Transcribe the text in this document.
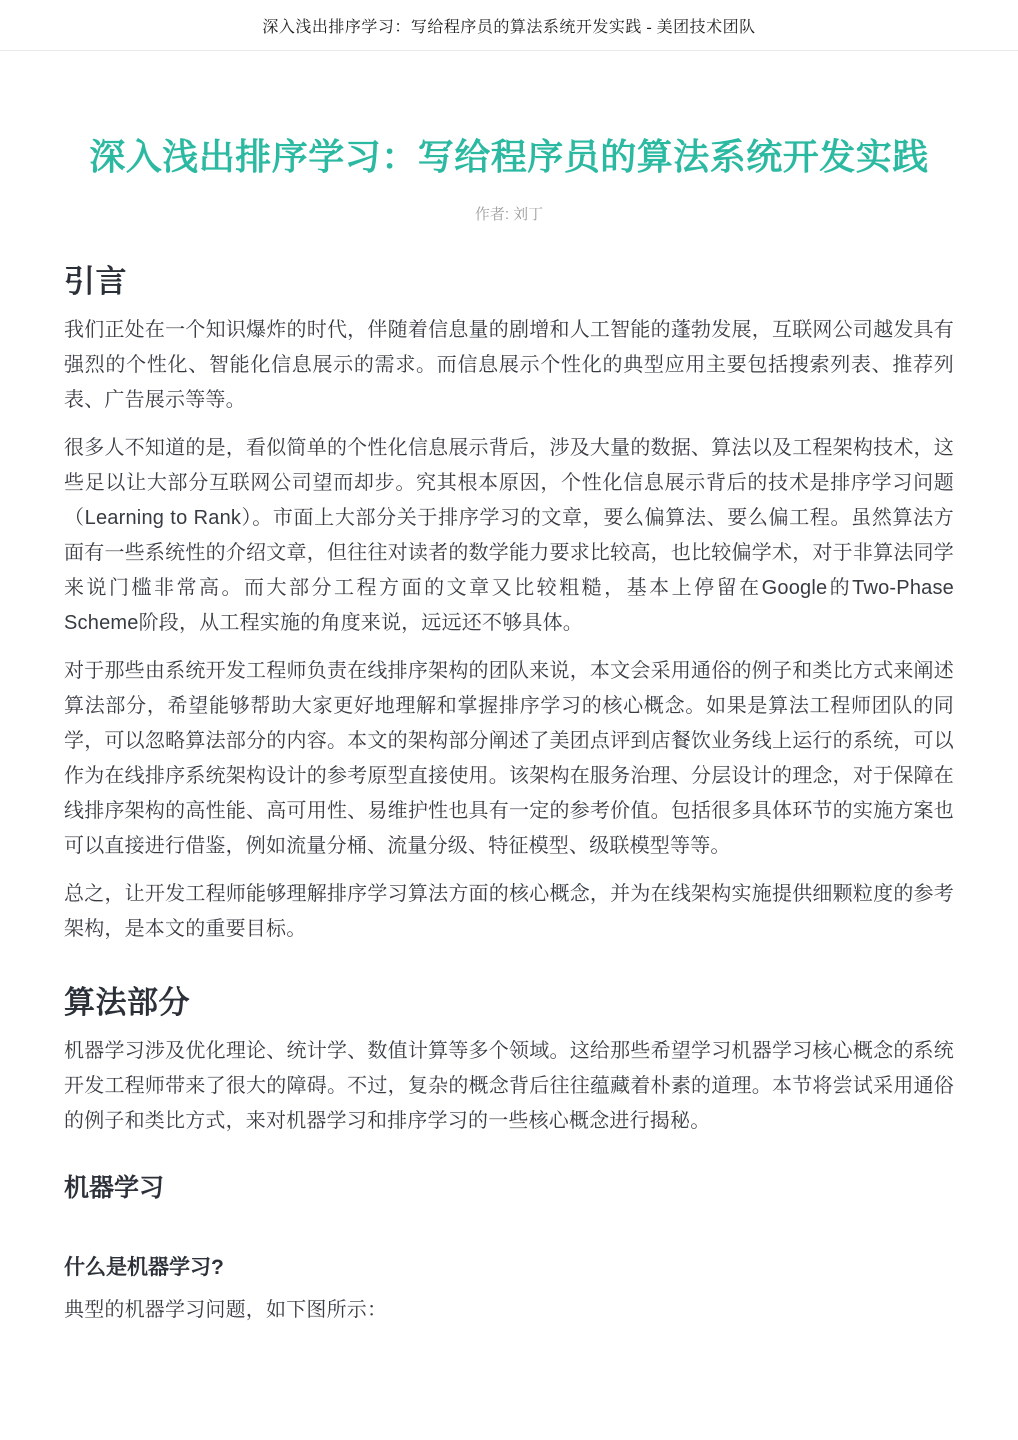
深入浅出排序学习：写给程序员的算法系统开发实践 - 美团技术团队
深入浅出排序学习：写给程序员的算法系统开发实践

作者: 刘丁

引言

我们正处在一个知识爆炸的时代，伴随着信息量的剧增和人工智能的蓬勃发展，互联网公司越发具有强烈的个性化、智能化信息展示的需求。而信息展示个性化的典型应用主要包括搜索列表、推荐列表、广告展示等等。

很多人不知道的是，看似简单的个性化信息展示背后，涉及大量的数据、算法以及工程架构技术，这些足以让大部分互联网公司望而却步。究其根本原因，个性化信息展示背后的技术是排序学习问题（Learning to Rank）。市面上大部分关于排序学习的文章，要么偏算法、要么偏工程。虽然算法方面有一些系统性的介绍文章，但往往对读者的数学能力要求比较高，也比较偏学术，对于非算法同学来说门槛非常高。而大部分工程方面的文章又比较粗糙，基本上停留在Google的Two-Phase Scheme阶段，从工程实施的角度来说，远远还不够具体。

对于那些由系统开发工程师负责在线排序架构的团队来说，本文会采用通俗的例子和类比方式来阐述算法部分，希望能够帮助大家更好地理解和掌握排序学习的核心概念。如果是算法工程师团队的同学，可以忽略算法部分的内容。本文的架构部分阐述了美团点评到店餐饮业务线上运行的系统，可以作为在线排序系统架构设计的参考原型直接使用。该架构在服务治理、分层设计的理念，对于保障在线排序架构的高性能、高可用性、易维护性也具有一定的参考价值。包括很多具体环节的实施方案也可以直接进行借鉴，例如流量分桶、流量分级、特征模型、级联模型等等。

总之，让开发工程师能够理解排序学习算法方面的核心概念，并为在线架构实施提供细颗粒度的参考架构，是本文的重要目标。

算法部分

机器学习涉及优化理论、统计学、数值计算等多个领域。这给那些希望学习机器学习核心概念的系统开发工程师带来了很大的障碍。不过，复杂的概念背后往往蕴藏着朴素的道理。本节将尝试采用通俗的例子和类比方式，来对机器学习和排序学习的一些核心概念进行揭秘。

机器学习
什么是机器学习?

典型的机器学习问题，如下图所示：
